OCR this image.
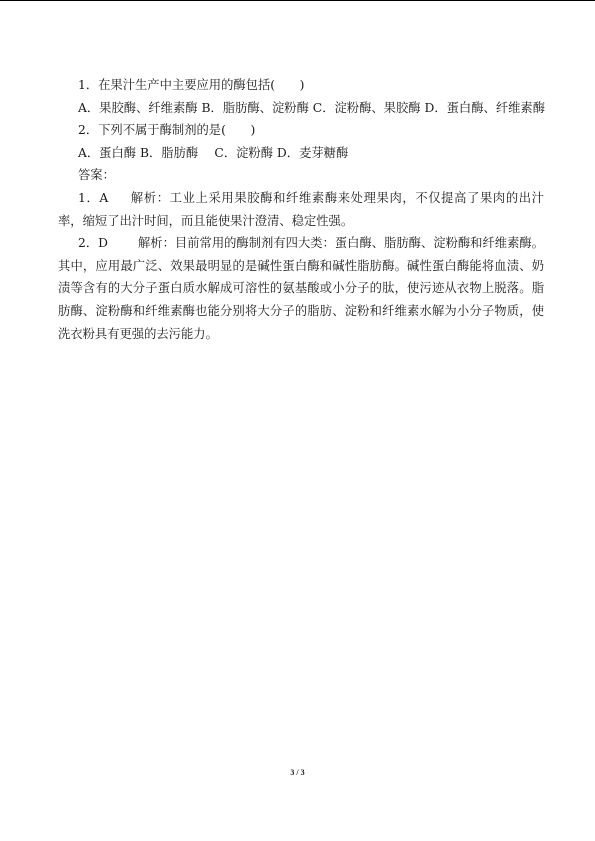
1．在果汁生产中主要应用的酶包括(　　)

A．果胶酶、纤维素酶 B．脂肪酶、淀粉酶 C．淀粉酶、果胶酶 D．蛋白酶、纤维素酶

2．下列不属于酶制剂的是(　　)

A．蛋白酶 B．脂肪酶　 C．淀粉酶 D．麦芽糖酶

答案：

1．A 解析：工业上采用果胶酶和纤维素酶来处理果肉，不仅提高了果肉的出汁率，缩短了出汁时间，而且能使果汁澄清、稳定性强。

2．D 解析：目前常用的酶制剂有四大类：蛋白酶、脂肪酶、淀粉酶和纤维素酶。其中，应用最广泛、效果最明显的是碱性蛋白酶和碱性脂肪酶。碱性蛋白酶能将血渍、奶渍等含有的大分子蛋白质水解成可溶性的氨基酸或小分子的肽，使污迹从衣物上脱落。脂肪酶、淀粉酶和纤维素酶也能分别将大分子的脂肪、淀粉和纤维素水解为小分子物质，使洗衣粉具有更强的去污能力。

3 / 3
